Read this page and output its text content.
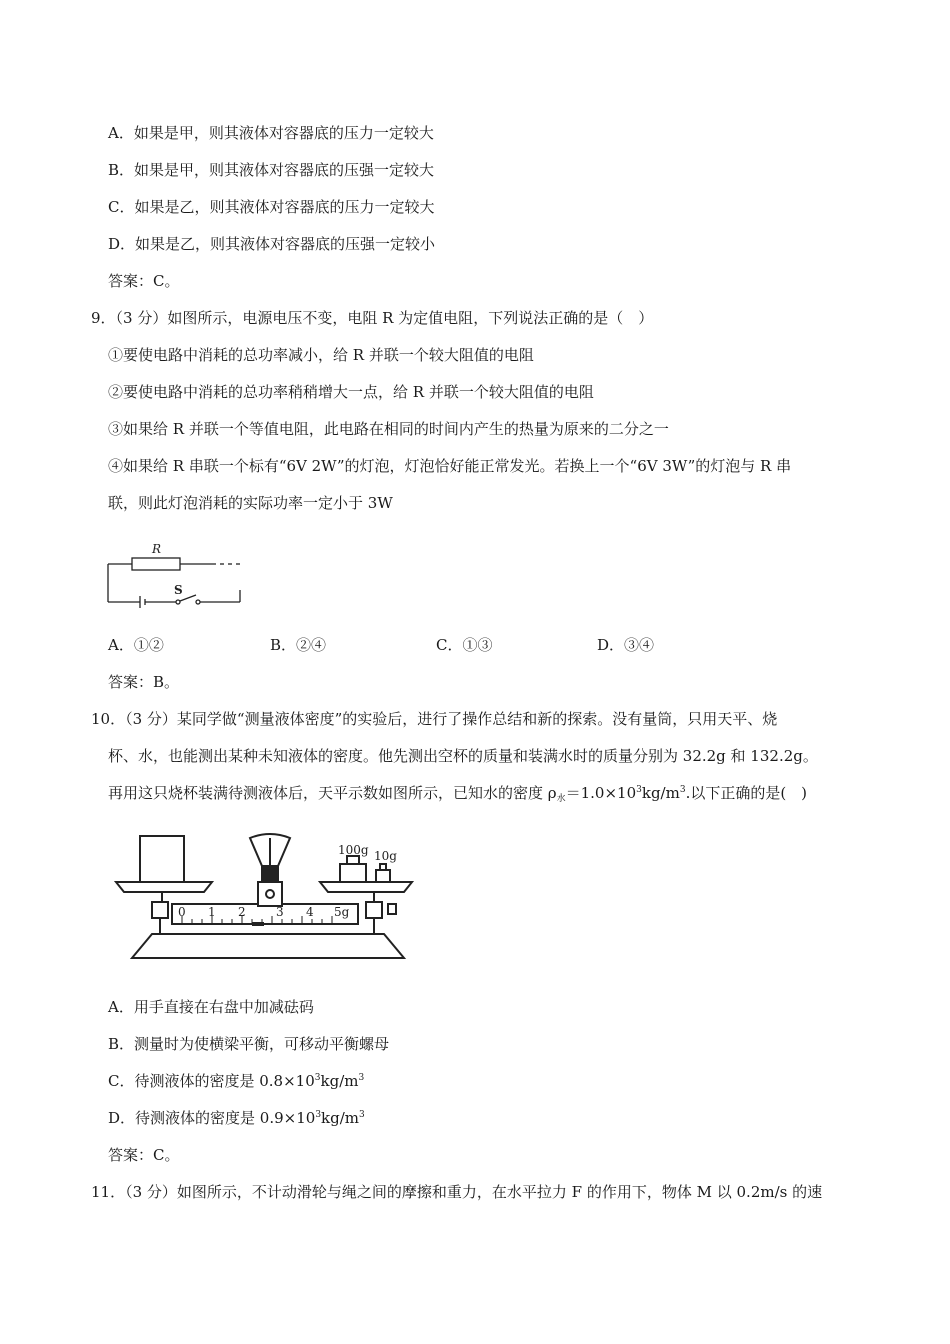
A．如果是甲，则其液体对容器底的压力一定较大
B．如果是甲，则其液体对容器底的压强一定较大
C．如果是乙，则其液体对容器底的压力一定较大
D．如果是乙，则其液体对容器底的压强一定较小
答案：C。
9．（3 分）如图所示，电源电压不变，电阻 R 为定值电阻，下列说法正确的是（　）
①要使电路中消耗的总功率减小，给 R 并联一个较大阻值的电阻
②要使电路中消耗的总功率稍稍增大一点，给 R 并联一个较大阻值的电阻
③如果给 R 并联一个等值电阻，此电路在相同的时间内产生的热量为原来的二分之一
④如果给 R 串联一个标有“6V 2W”的灯泡，灯泡恰好能正常发光。若换上一个“6V 3W”的灯泡与 R 串
联，则此灯泡消耗的实际功率一定小于 3W
R
S
A．①②	B．②④	C．①③	D．③④
答案：B。
10．（3 分）某同学做“测量液体密度”的实验后，进行了操作总结和新的探索。没有量筒，只用天平、烧
杯、水，也能测出某种未知液体的密度。他先测出空杯的质量和装满水时的质量分别为 32.2g 和 132.2g。
再用这只烧杯装满待测液体后，天平示数如图所示，已知水的密度 $\rho_水=1.0\times 10^3kg/m^3$.以下正确的是(　)
100g 10g
0 1 2	3 4 5g
A．用手直接在右盘中加减砝码
B．测量时为使横梁平衡，可移动平衡螺母
C．待测液体的密度是 $0.8\times 10^3kg/m^3$
D．待测液体的密度是 $0.9\times 10^3kg/m^3$
答案：C。
11．（3 分）如图所示，不计动滑轮与绳之间的摩擦和重力，在水平拉力 F 的作用下，物体 M 以 0.2m/s 的速
